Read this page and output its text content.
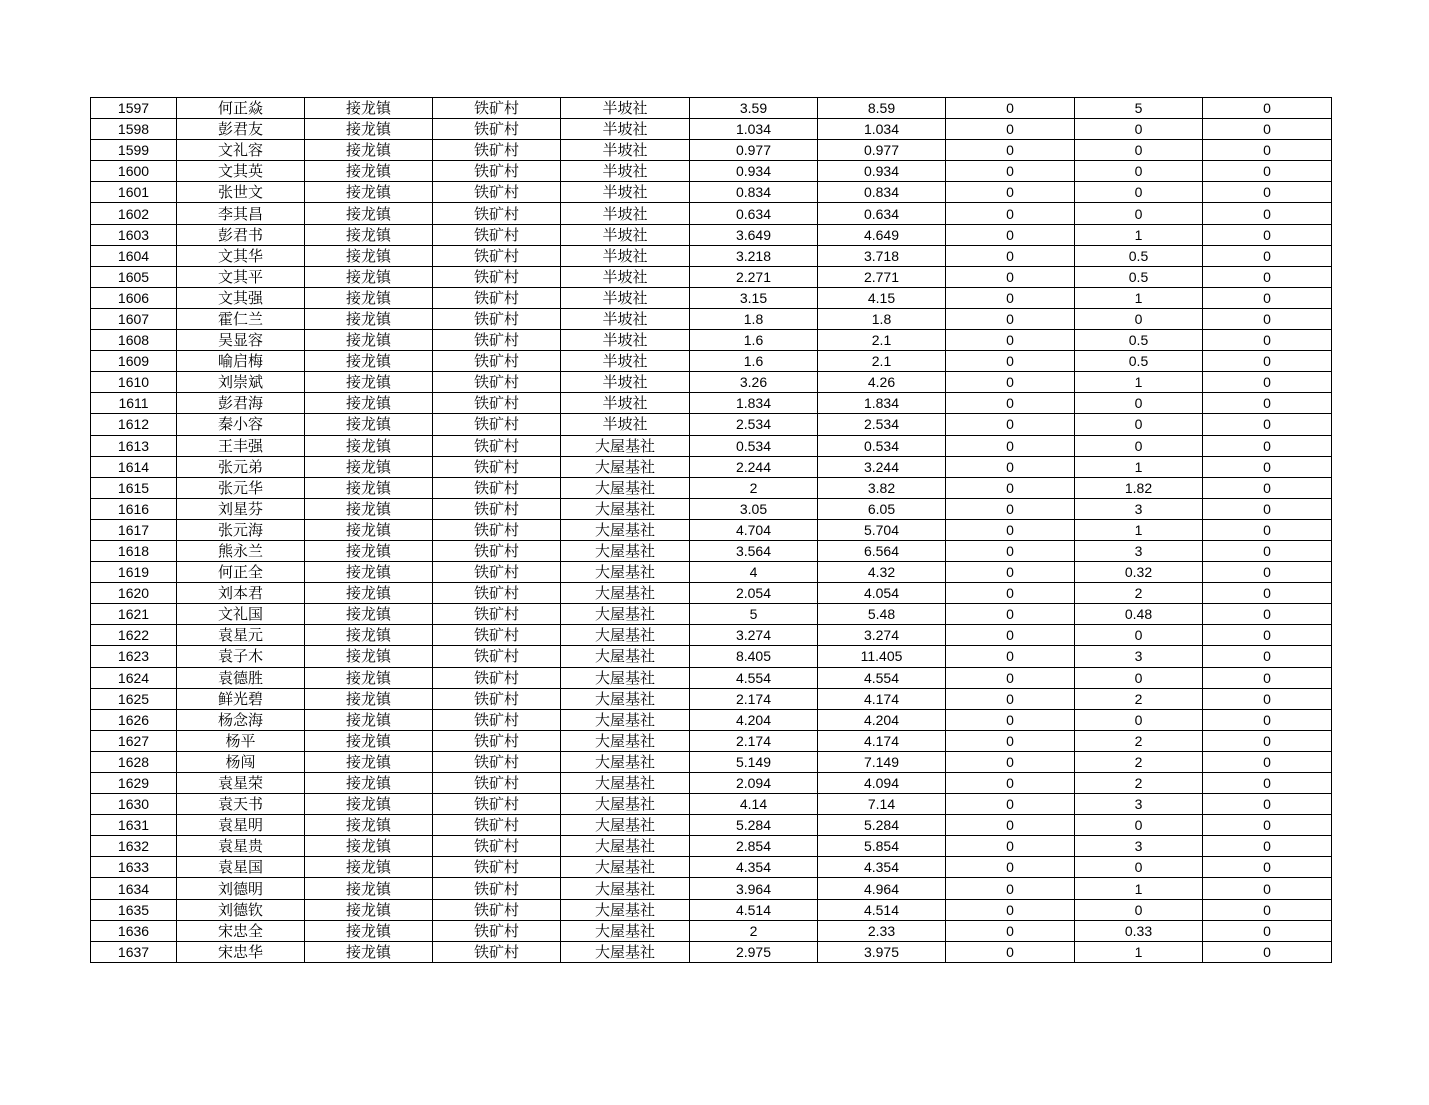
1597	何正焱	接龙镇	铁矿村	半坡社	3.59	8.59	0	5	0
1598	彭君友	接龙镇	铁矿村	半坡社	1.034	1.034	0	0	0
1599	文礼容	接龙镇	铁矿村	半坡社	0.977	0.977	0	0	0
1600	文其英	接龙镇	铁矿村	半坡社	0.934	0.934	0	0	0
1601	张世文	接龙镇	铁矿村	半坡社	0.834	0.834	0	0	0
1602	李其昌	接龙镇	铁矿村	半坡社	0.634	0.634	0	0	0
1603	彭君书	接龙镇	铁矿村	半坡社	3.649	4.649	0	1	0
1604	文其华	接龙镇	铁矿村	半坡社	3.218	3.718	0	0.5	0
1605	文其平	接龙镇	铁矿村	半坡社	2.271	2.771	0	0.5	0
1606	文其强	接龙镇	铁矿村	半坡社	3.15	4.15	0	1	0
1607	霍仁兰	接龙镇	铁矿村	半坡社	1.8	1.8	0	0	0
1608	吴显容	接龙镇	铁矿村	半坡社	1.6	2.1	0	0.5	0
1609	喻启梅	接龙镇	铁矿村	半坡社	1.6	2.1	0	0.5	0
1610	刘崇斌	接龙镇	铁矿村	半坡社	3.26	4.26	0	1	0
1611	彭君海	接龙镇	铁矿村	半坡社	1.834	1.834	0	0	0
1612	秦小容	接龙镇	铁矿村	半坡社	2.534	2.534	0	0	0
1613	王丰强	接龙镇	铁矿村	大屋基社	0.534	0.534	0	0	0
1614	张元弟	接龙镇	铁矿村	大屋基社	2.244	3.244	0	1	0
1615	张元华	接龙镇	铁矿村	大屋基社	2	3.82	0	1.82	0
1616	刘星芬	接龙镇	铁矿村	大屋基社	3.05	6.05	0	3	0
1617	张元海	接龙镇	铁矿村	大屋基社	4.704	5.704	0	1	0
1618	熊永兰	接龙镇	铁矿村	大屋基社	3.564	6.564	0	3	0
1619	何正全	接龙镇	铁矿村	大屋基社	4	4.32	0	0.32	0
1620	刘本君	接龙镇	铁矿村	大屋基社	2.054	4.054	0	2	0
1621	文礼国	接龙镇	铁矿村	大屋基社	5	5.48	0	0.48	0
1622	袁星元	接龙镇	铁矿村	大屋基社	3.274	3.274	0	0	0
1623	袁子木	接龙镇	铁矿村	大屋基社	8.405	11.405	0	3	0
1624	袁德胜	接龙镇	铁矿村	大屋基社	4.554	4.554	0	0	0
1625	鲜光碧	接龙镇	铁矿村	大屋基社	2.174	4.174	0	2	0
1626	杨念海	接龙镇	铁矿村	大屋基社	4.204	4.204	0	0	0
1627	杨平	接龙镇	铁矿村	大屋基社	2.174	4.174	0	2	0
1628	杨闯	接龙镇	铁矿村	大屋基社	5.149	7.149	0	2	0
1629	袁星荣	接龙镇	铁矿村	大屋基社	2.094	4.094	0	2	0
1630	袁天书	接龙镇	铁矿村	大屋基社	4.14	7.14	0	3	0
1631	袁星明	接龙镇	铁矿村	大屋基社	5.284	5.284	0	0	0
1632	袁星贵	接龙镇	铁矿村	大屋基社	2.854	5.854	0	3	0
1633	袁星国	接龙镇	铁矿村	大屋基社	4.354	4.354	0	0	0
1634	刘德明	接龙镇	铁矿村	大屋基社	3.964	4.964	0	1	0
1635	刘德钦	接龙镇	铁矿村	大屋基社	4.514	4.514	0	0	0
1636	宋忠全	接龙镇	铁矿村	大屋基社	2	2.33	0	0.33	0
1637	宋忠华	接龙镇	铁矿村	大屋基社	2.975	3.975	0	1	0
